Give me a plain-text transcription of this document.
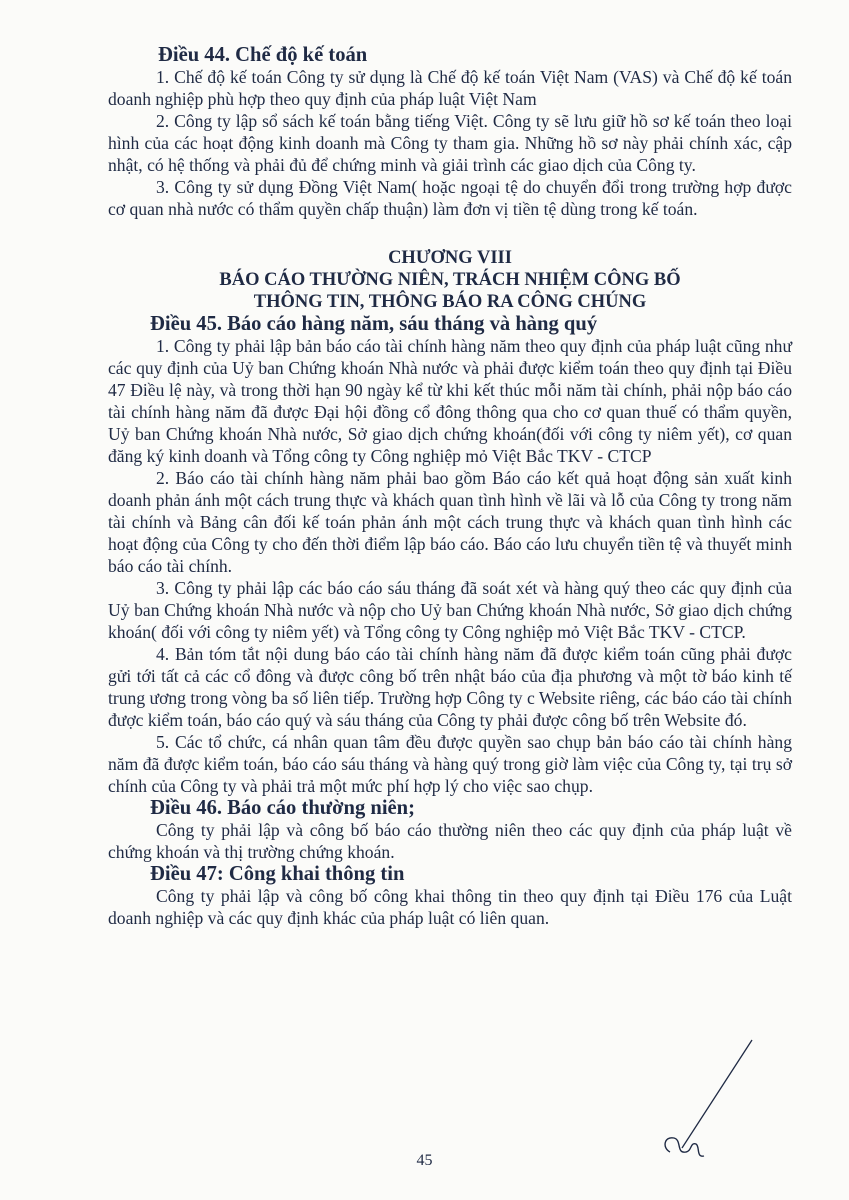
Điều 44. Chế độ kế toán

1. Chế độ kế toán Công ty sử dụng là Chế độ kế toán Việt Nam (VAS) và Chế độ kế toán doanh nghiệp phù hợp theo quy định của pháp luật Việt Nam

2. Công ty lập sổ sách kế toán bằng tiếng Việt. Công ty sẽ lưu giữ hồ sơ kế toán theo loại hình của các hoạt động kinh doanh mà Công ty tham gia. Những hồ sơ này phải chính xác, cập nhật, có hệ thống và phải đủ để chứng minh và giải trình các giao dịch của Công ty.

3. Công ty sử dụng Đồng Việt Nam( hoặc ngoại tệ do chuyển đổi trong trường hợp được cơ quan nhà nước có thẩm quyền chấp thuận) làm đơn vị tiền tệ dùng trong kế toán.

CHƯƠNG VIII
BÁO CÁO THƯỜNG NIÊN, TRÁCH NHIỆM CÔNG BỐ
THÔNG TIN, THÔNG BÁO RA CÔNG CHÚNG
Điều 45. Báo cáo hàng năm, sáu tháng và hàng quý

1. Công ty phải lập bản báo cáo tài chính hàng năm theo quy định của pháp luật cũng như các quy định của Uỷ ban Chứng khoán Nhà nước và phải được kiểm toán theo quy định tại Điều 47 Điều lệ này, và trong thời hạn 90 ngày kể từ khi kết thúc mỗi năm tài chính, phải nộp báo cáo tài chính hàng năm đã được Đại hội đồng cổ đông thông qua cho cơ quan thuế có thẩm quyền, Uỷ ban Chứng khoán Nhà nước, Sở giao dịch chứng khoán(đối với công ty niêm yết), cơ quan đăng ký kinh doanh và Tổng công ty Công nghiệp mỏ Việt Bắc TKV - CTCP

2. Báo cáo tài chính hàng năm phải bao gồm Báo cáo kết quả hoạt động sản xuất kinh doanh phản ánh một cách trung thực và khách quan tình hình về lãi và lỗ của Công ty trong năm tài chính và Bảng cân đối kế toán phản ánh một cách trung thực và khách quan tình hình các hoạt động của Công ty cho đến thời điểm lập báo cáo. Báo cáo lưu chuyển tiền tệ và thuyết minh báo cáo tài chính.

3. Công ty phải lập các báo cáo sáu tháng đã soát xét và hàng quý theo các quy định của Uỷ ban Chứng khoán Nhà nước và nộp cho Uỷ ban Chứng khoán Nhà nước, Sở giao dịch chứng khoán( đối với công ty niêm yết) và Tổng công ty Công nghiệp mỏ Việt Bắc TKV - CTCP.

4. Bản tóm tắt nội dung báo cáo tài chính hàng năm đã được kiểm toán cũng phải được gửi tới tất cả các cổ đông và được công bố trên nhật báo của địa phương và một tờ báo kinh tế trung ương trong vòng ba số liên tiếp. Trường hợp Công ty c Website riêng, các báo cáo tài chính được kiểm toán, báo cáo quý và sáu tháng của Công ty phải được công bố trên Website đó.

5. Các tổ chức, cá nhân quan tâm đều được quyền sao chụp bản báo cáo tài chính hàng năm đã được kiểm toán, báo cáo sáu tháng và hàng quý trong giờ làm việc của Công ty, tại trụ sở chính của Công ty và phải trả một mức phí hợp lý cho việc sao chụp.

Điều 46. Báo cáo thường niên;

Công ty phải lập và công bố báo cáo thường niên theo các quy định của pháp luật về chứng khoán và thị trường chứng khoán.

Điều 47: Công khai thông tin

Công ty phải lập và công bố công khai thông tin theo quy định tại Điều 176 của Luật doanh nghiệp và các quy định khác của pháp luật có liên quan.

45
